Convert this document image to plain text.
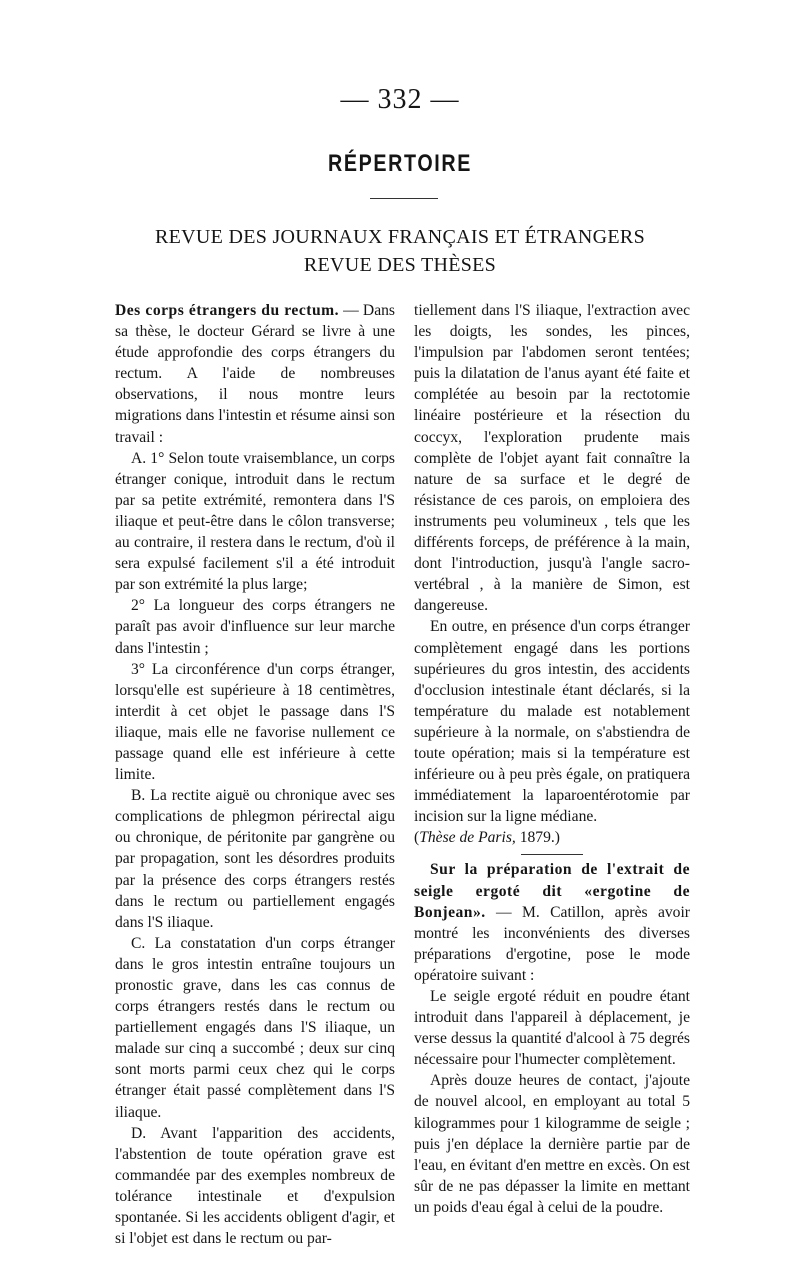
— 332 —
RÉPERTOIRE
REVUE DES JOURNAUX FRANÇAIS ET ÉTRANGERS
REVUE DES THÈSES

Des corps étrangers du rectum. — Dans sa thèse, le docteur Gérard se livre à une étude approfondie des corps étrangers du rectum. A l'aide de nombreuses observations, il nous montre leurs migrations dans l'intestin et résume ainsi son travail :

A. 1° Selon toute vraisemblance, un corps étranger conique, introduit dans le rectum par sa petite extrémité, remontera dans l'S iliaque et peut-être dans le côlon transverse; au contraire, il restera dans le rectum, d'où il sera expulsé facilement s'il a été introduit par son extrémité la plus large;

2° La longueur des corps étrangers ne paraît pas avoir d'influence sur leur marche dans l'intestin ;

3° La circonférence d'un corps étranger, lorsqu'elle est supérieure à 18 centimètres, interdit à cet objet le passage dans l'S iliaque, mais elle ne favorise nullement ce passage quand elle est inférieure à cette limite.

B. La rectite aiguë ou chronique avec ses complications de phlegmon périrectal aigu ou chronique, de péritonite par gangrène ou par propagation, sont les désordres produits par la présence des corps étrangers restés dans le rectum ou partiellement engagés dans l'S iliaque.

C. La constatation d'un corps étranger dans le gros intestin entraîne toujours un pronostic grave, dans les cas connus de corps étrangers restés dans le rectum ou partiellement engagés dans l'S iliaque, un malade sur cinq a succombé ; deux sur cinq sont morts parmi ceux chez qui le corps étranger était passé complètement dans l'S iliaque.

D. Avant l'apparition des accidents, l'abstention de toute opération grave est commandée par des exemples nombreux de tolérance intestinale et d'expulsion spontanée. Si les accidents obligent d'agir, et si l'objet est dans le rectum ou par-

tiellement dans l'S iliaque, l'extraction avec les doigts, les sondes, les pinces, l'impulsion par l'abdomen seront tentées; puis la dilatation de l'anus ayant été faite et complétée au besoin par la rectotomie linéaire postérieure et la résection du coccyx, l'exploration prudente mais complète de l'objet ayant fait connaître la nature de sa surface et le degré de résistance de ces parois, on emploiera des instruments peu volumineux , tels que les différents forceps, de préférence à la main, dont l'introduction, jusqu'à l'angle sacro-vertébral , à la manière de Simon, est dangereuse.

En outre, en présence d'un corps étranger complètement engagé dans les portions supérieures du gros intestin, des accidents d'occlusion intestinale étant déclarés, si la température du malade est notablement supérieure à la normale, on s'abstiendra de toute opération; mais si la température est inférieure ou à peu près égale, on pratiquera immédiatement la laparoentérotomie par incision sur la ligne médiane.

(Thèse de Paris, 1879.)

Sur la préparation de l'extrait de seigle ergoté dit «ergotine de Bonjean». — M. Catillon, après avoir montré les inconvénients des diverses préparations d'ergotine, pose le mode opératoire suivant :

Le seigle ergoté réduit en poudre étant introduit dans l'appareil à déplacement, je verse dessus la quantité d'alcool à 75 degrés nécessaire pour l'humecter complètement.

Après douze heures de contact, j'ajoute de nouvel alcool, en employant au total 5 kilogrammes pour 1 kilogramme de seigle ; puis j'en déplace la dernière partie par de l'eau, en évitant d'en mettre en excès. On est sûr de ne pas dépasser la limite en mettant un poids d'eau égal à celui de la poudre.
